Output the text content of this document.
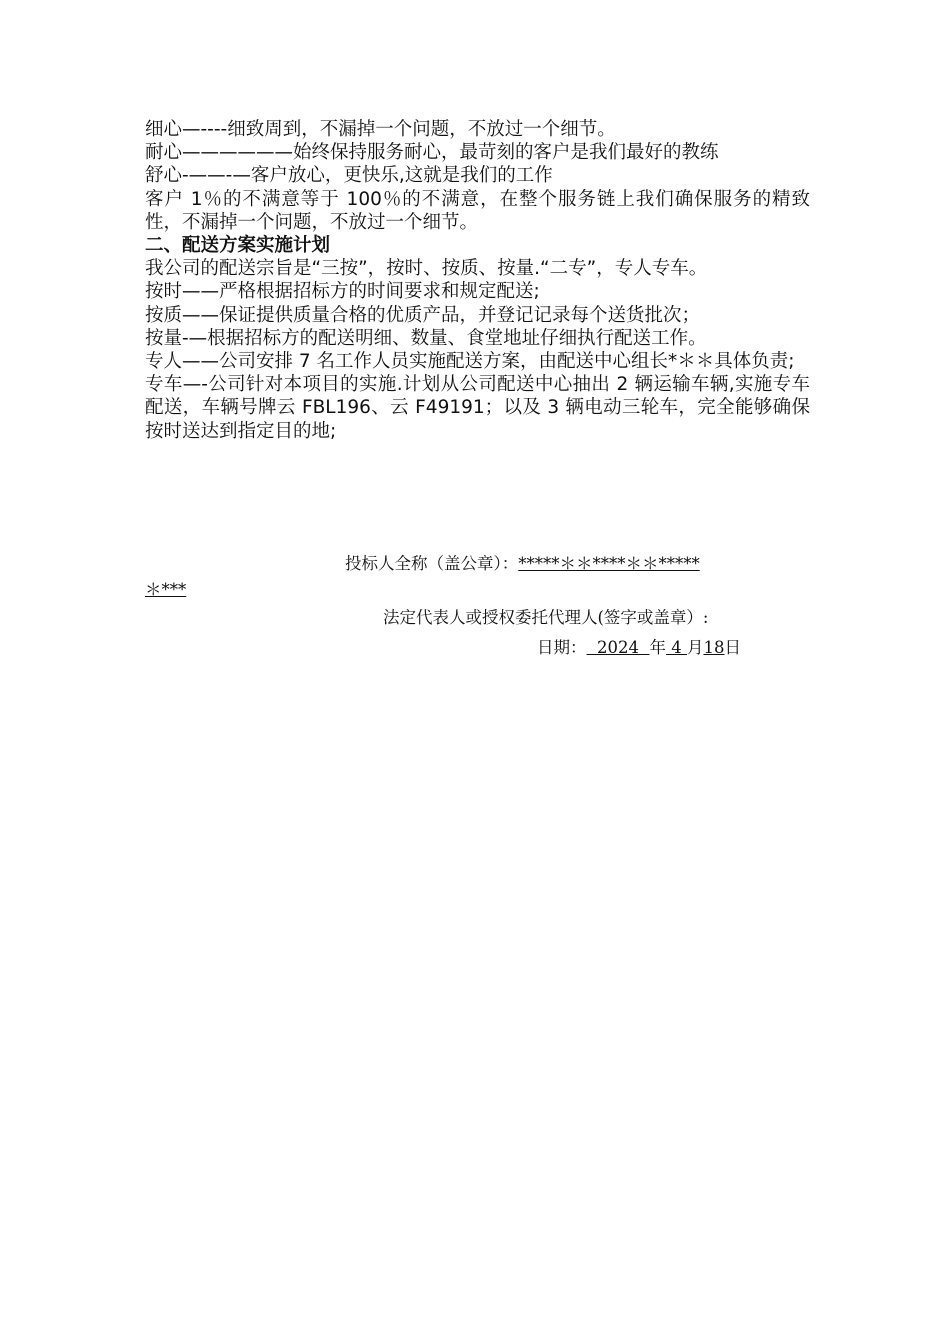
细心—----细致周到，不漏掉一个问题，不放过一个细节。

耐心——————始终保持服务耐心，最苛刻的客户是我们最好的教练

舒心-——-—客户放心，更快乐,这就是我们的工作

客户 1％的不满意等于 100％的不满意，在整个服务链上我们确保服务的精致性，不漏掉一个问题，不放过一个细节。

二、配送方案实施计划

我公司的配送宗旨是“三按”，按时、按质、按量.“二专”，专人专车。

按时——严格根据招标方的时间要求和规定配送;

按质——保证提供质量合格的优质产品，并登记记录每个送货批次；

按量-—根据招标方的配送明细、数量、食堂地址仔细执行配送工作。

专人——公司安排 7 名工作人员实施配送方案，由配送中心组长*＊＊具体负责;

专车—-公司针对本项目的实施.计划从公司配送中心抽出 2 辆运输车辆,实施专车配送，车辆号牌云 FBL196、云 F49191；以及 3 辆电动三轮车，完全能够确保按时送达到指定目的地;

投标人全称（盖公章）：*****＊＊****＊＊*****
＊***
法定代表人或授权委托代理人(签字或盖章）:
日期：  2024  年 4 月18日
